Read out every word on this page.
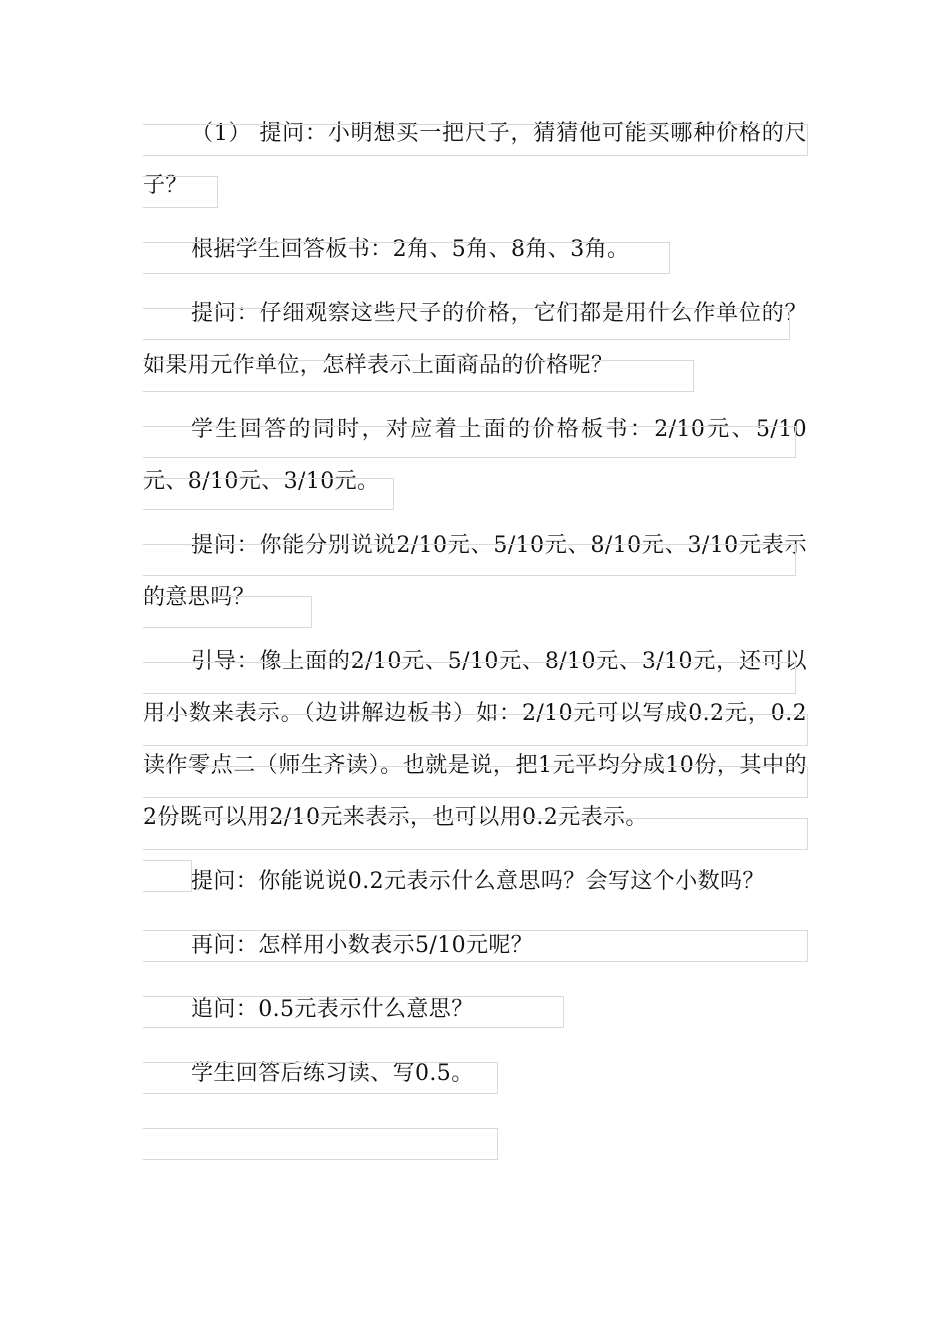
（1） 提问：小明想买一把尺子，猜猜他可能买哪种价格的尺子？

根据学生回答板书：2角、5角、8角、3角。

提问：仔细观察这些尺子的价格，它们都是用什么作单位的？如果用元作单位，怎样表示上面商品的价格呢？

学生回答的同时，对应着上面的价格板书：2/10元、5/10元、8/10元、3/10元。

提问：你能分别说说2/10元、5/10元、8/10元、3/10元表示的意思吗？

引导：像上面的2/10元、5/10元、8/10元、3/10元，还可以用小数来表示。（边讲解边板书）如：2/10元可以写成0.2元，0.2读作零点二（师生齐读）。也就是说，把1元平均分成10份，其中的2份既可以用2/10元来表示，也可以用0.2元表示。

提问：你能说说0.2元表示什么意思吗？会写这个小数吗？

再问：怎样用小数表示5/10元呢？

追问：0.5元表示什么意思？

学生回答后练习读、写0.5。
